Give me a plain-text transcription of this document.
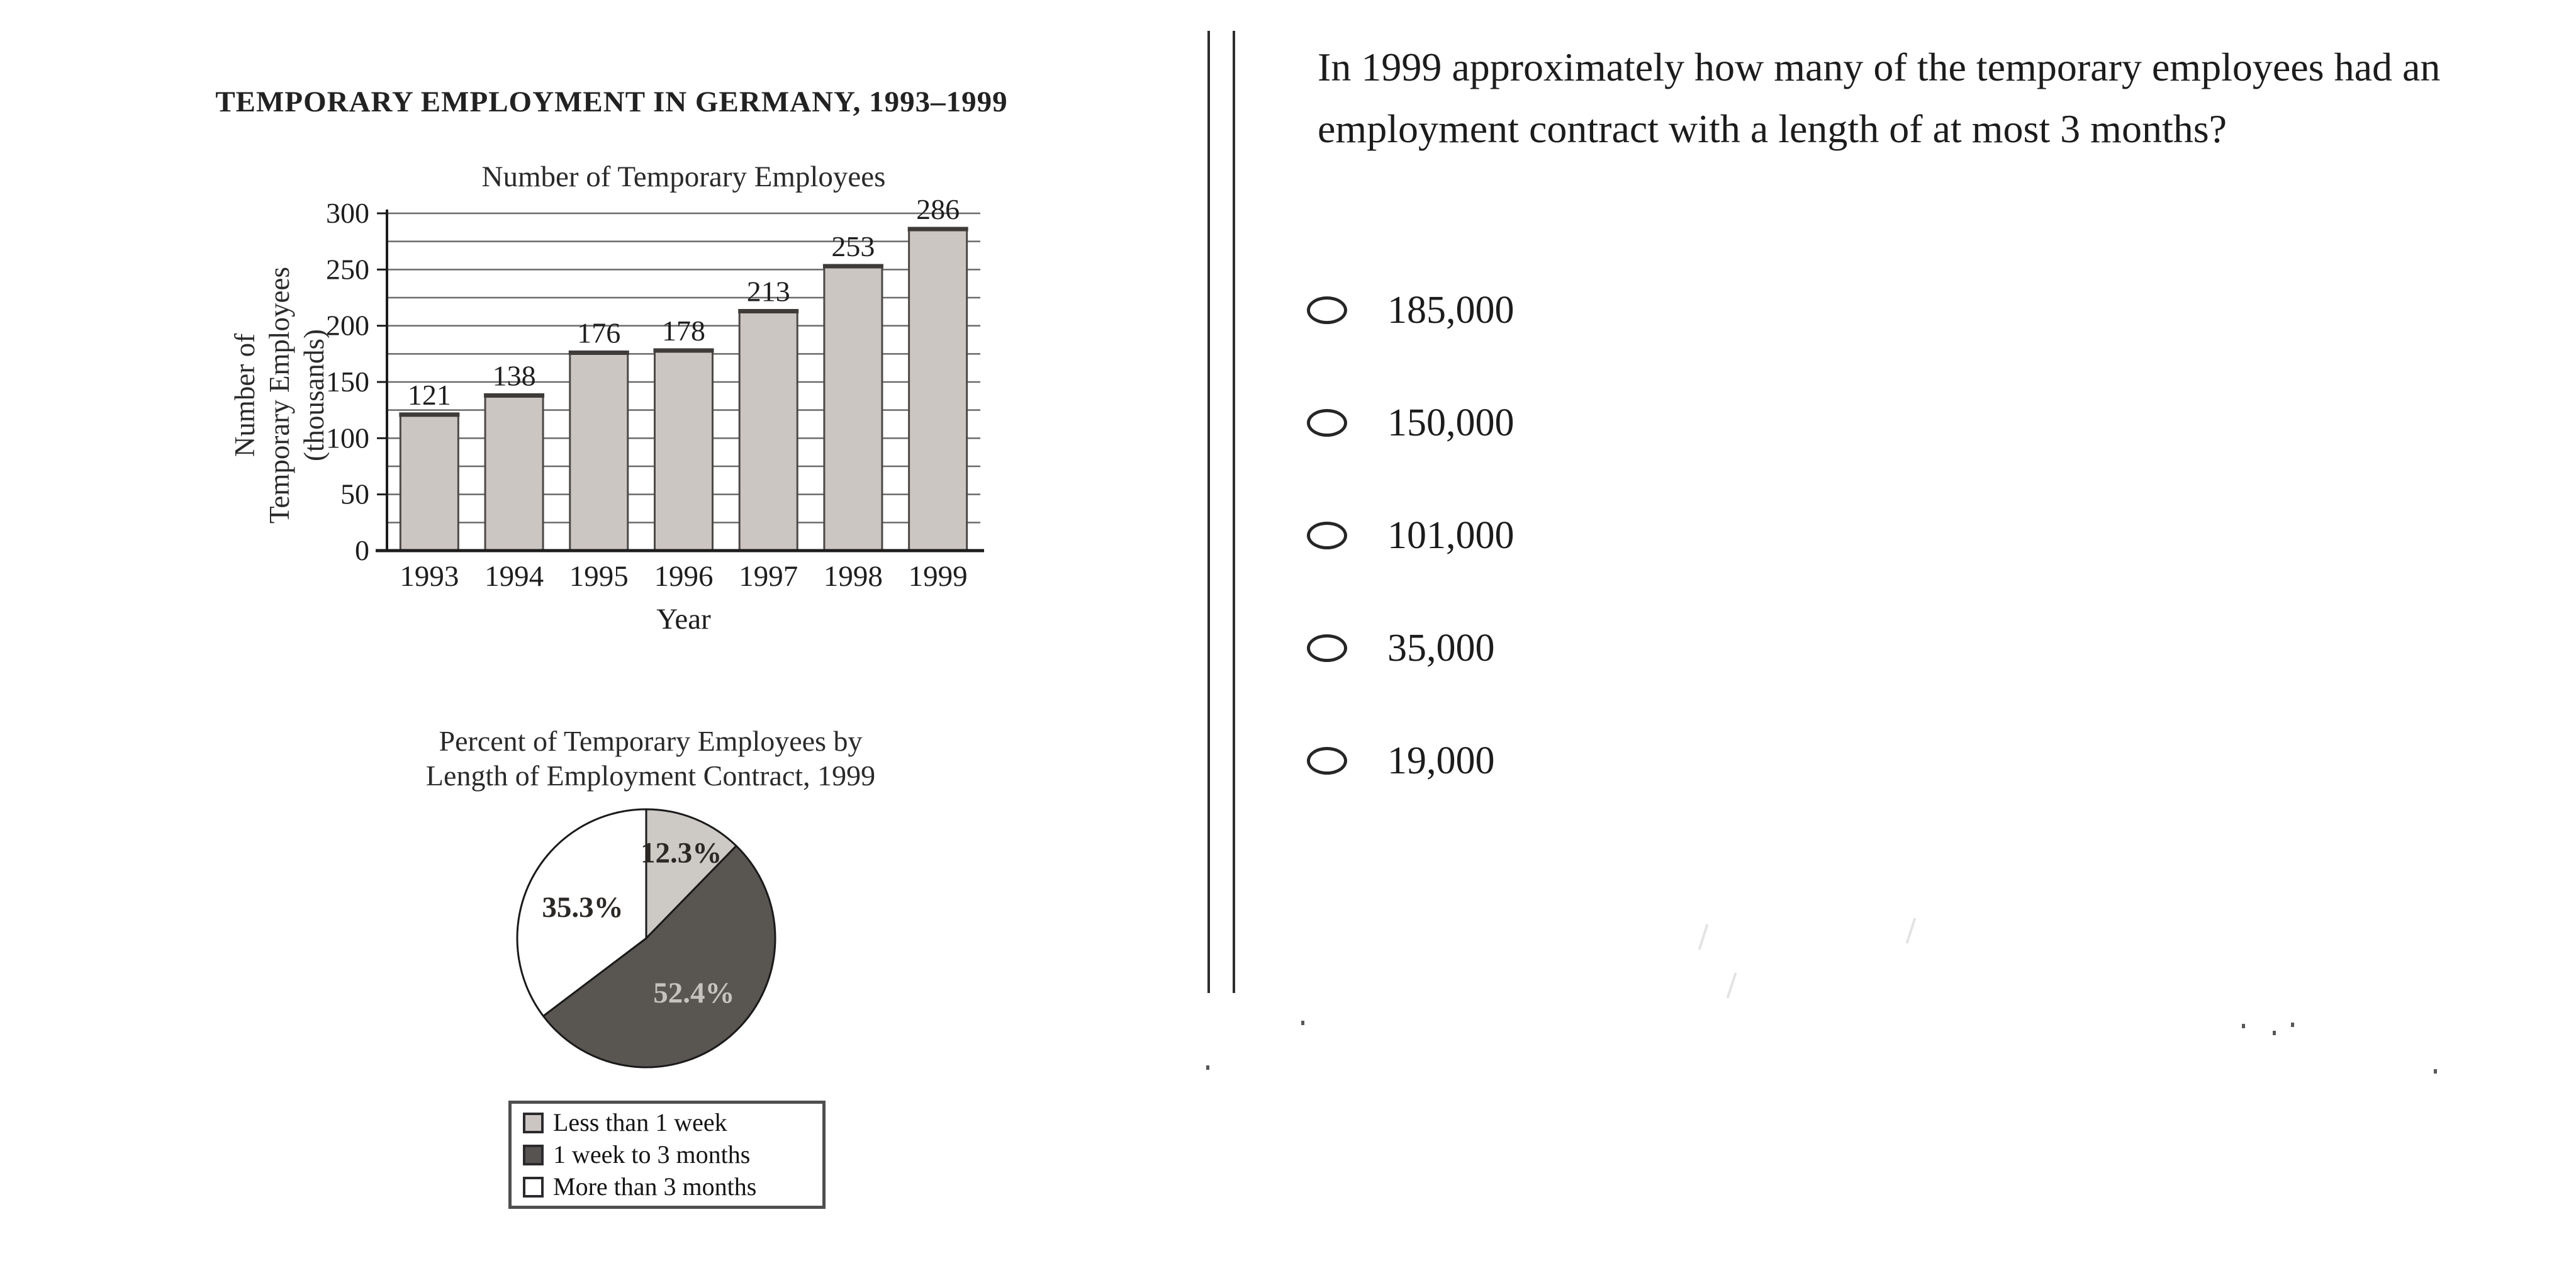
TEMPORARY EMPLOYMENT IN GERMANY, 1993–1999
Number of Temporary Employees
Number of Temporary Employees (thousands)
0
50
100
150
200
250
300
121
1993
138
1994
176
1995
178
1996
213
1997
253
1998
286
1999
Year
Percent of Temporary Employees by
Length of Employment Contract, 1999
12.3%
52.4%
35.3%
Less than 1 week
1 week to 3 months
More than 3 months

In 1999 approximately how many of the temporary employees had an employment contract with a length of at most 3 months?

185,000
150,000
101,000
35,000
19,000
